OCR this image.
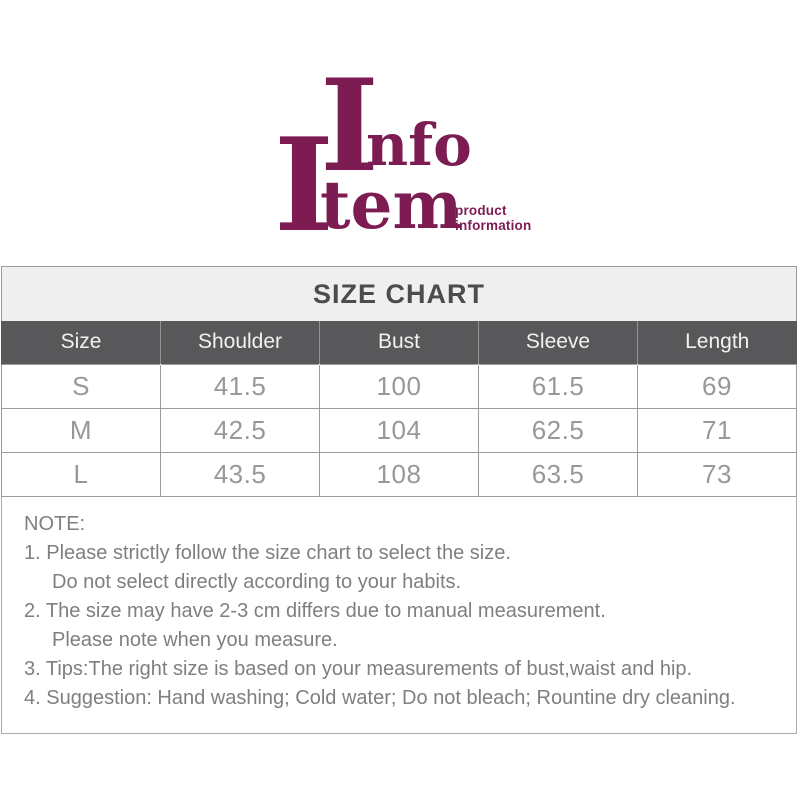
I
nfo
I
tem
product
information
SIZE CHART
Size	Shoulder	Bust	Sleeve	Length
S	41.5	100	61.5	69
M	42.5	104	62.5	71
L	43.5	108	63.5	73
NOTE:
1. Please strictly follow the size chart to select the size.
Do not select directly according to your habits.
2. The size may have 2-3 cm differs due to manual measurement.
Please note when you measure.
3. Tips:The right size is based on your measurements of bust,waist and hip.
4. Suggestion: Hand washing; Cold water; Do not bleach; Rountine dry cleaning.
